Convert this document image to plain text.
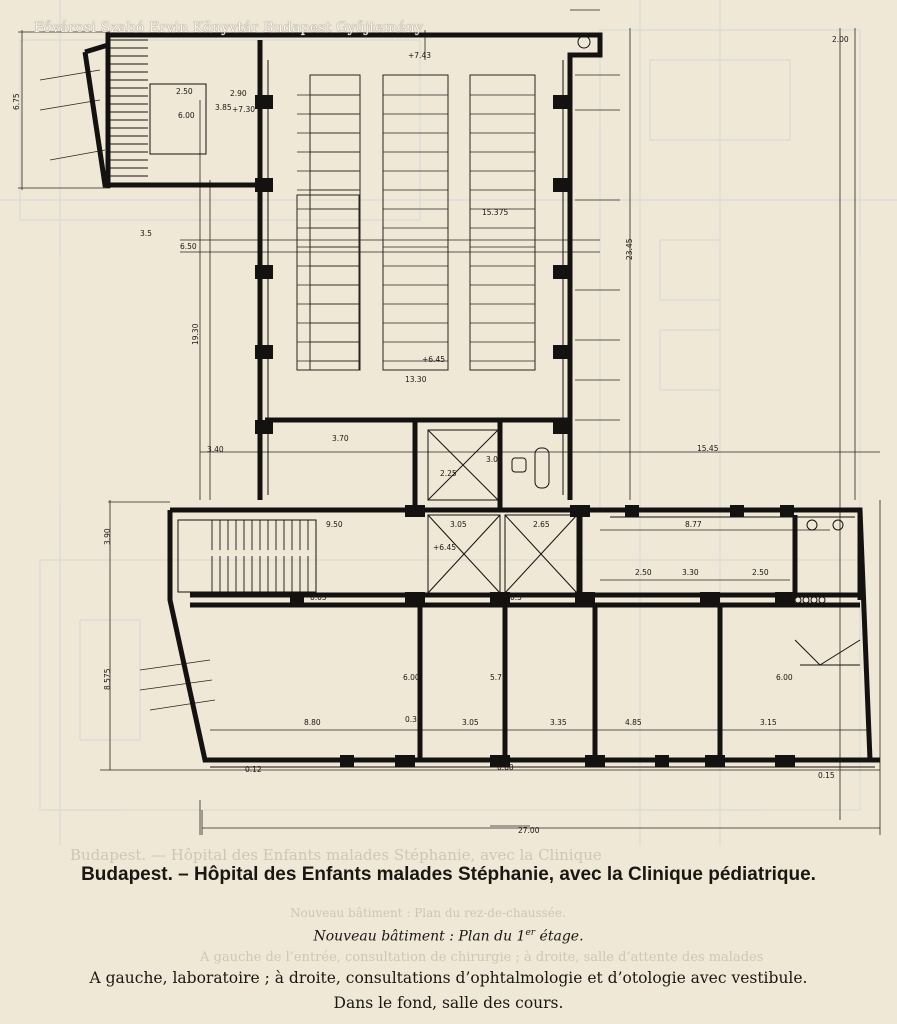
Budapest. — Hôpital des Enfants malades Stéphanie, avec la Clinique
Nouveau bâtiment : Plan du rez-de-chaussée.
A gauche de l’entrée, consultation de chirurgie ; à droite, salle d’attente des malades
Fővárosi Szabó Ervin Könyvtár Budapest Gyűjtemény
+7.43
+7.30
2.50
6.00
2.90
3.85
15.375
+6.45
13.30
3.70
3.40
2.25
3.00
9.50	3.05	2.65	8.77
2.50	3.30	2.50
+6.45
0.05	0.5	F0.0
6.00	5.75	6.00
3.35	4.85	3.15
3.05
8.80
27.00
15.45
6.75
19.30
3.90
8.575
6.50
3.5
23.45
2.00
0.35
0.60
0.15
0.12
Budapest. – Hôpital des Enfants malades Stéphanie, avec la Clinique pédiatrique.
Nouveau bâtiment : Plan du 1er étage.
A gauche, laboratoire ; à droite, consultations d’ophtalmologie et d’otologie avec vestibule.
Dans le fond, salle des cours.
